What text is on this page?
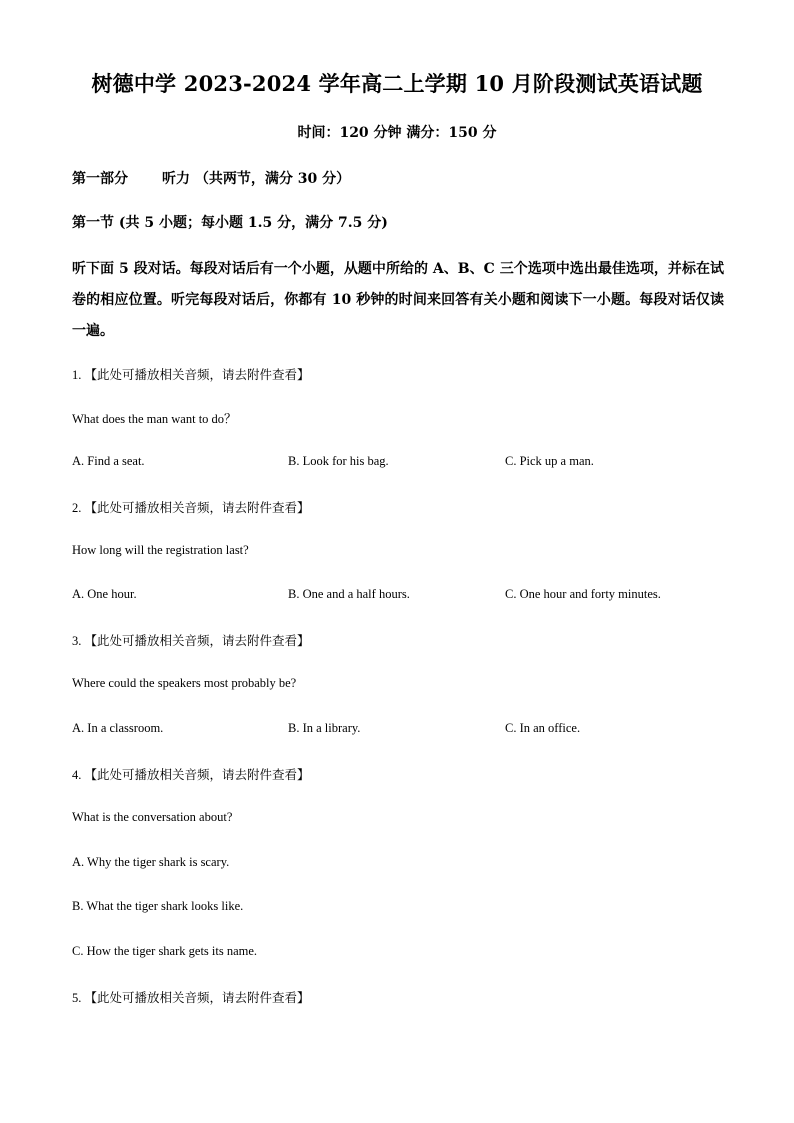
树德中学 2023-2024 学年高二上学期 10 月阶段测试英语试题
时间：120 分钟 满分：150 分
第一部分 听力 （共两节，满分 30 分）
第一节 (共 5 小题；每小题 1.5 分，满分 7.5 分)
听下面 5 段对话。每段对话后有一个小题，从题中所给的 A、B、C 三个选项中选出最佳选项，并标在试卷的相应位置。听完每段对话后，你都有 10 秒钟的时间来回答有关小题和阅读下一小题。每段对话仅读一遍。
1. 【此处可播放相关音频，请去附件查看】
What does the man want to do？
A. Find a seat.	B. Look for his bag.	C. Pick up a man.
2. 【此处可播放相关音频，请去附件查看】
How long will the registration last?
A. One hour.	B. One and a half hours.	C. One hour and forty minutes.
3. 【此处可播放相关音频，请去附件查看】
Where could the speakers most probably be?
A. In a classroom.	B. In a library.	C. In an office.
4. 【此处可播放相关音频，请去附件查看】
What is the conversation about?
A. Why the tiger shark is scary.
B. What the tiger shark looks like.
C. How the tiger shark gets its name.
5. 【此处可播放相关音频，请去附件查看】
